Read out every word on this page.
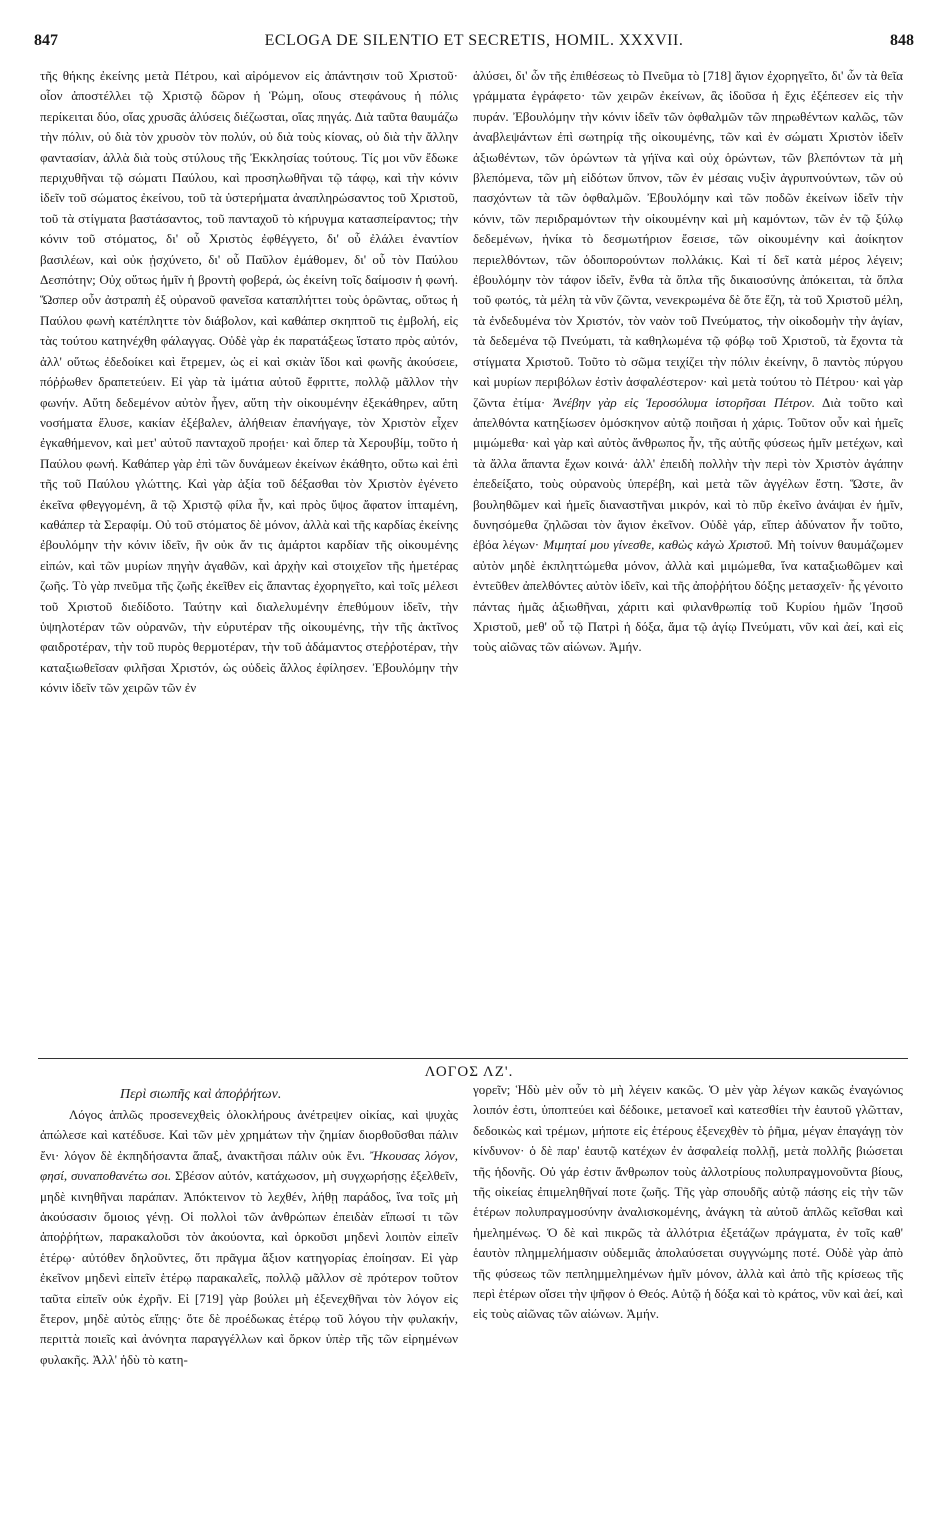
847	ECLOGA DE SILENTIO ET SECRETIS, HOMIL. XXXVII.	848

τῆς θήκης ἐκείνης μετὰ Πέτρου, καὶ αἰρόμενον εἰς ἀπάντησιν τοῦ Χριστοῦ· οἷον ἀποστέλλει τῷ Χριστῷ δῶρον ἡ Ῥώμη, οἵους στεφάνους ἡ πόλις περίκειται δύο, οἵας χρυσᾶς ἁλύσεις διέζωσται, οἵας πηγάς. Διὰ ταῦτα θαυμάζω τὴν πόλιν, οὐ διὰ τὸν χρυσὸν τὸν πολύν, οὐ διὰ τοὺς κίονας, οὐ διὰ τὴν ἄλλην φαντασίαν, ἀλλὰ διὰ τοὺς στύλους τῆς Ἐκκλησίας τούτους. Τίς μοι νῦν ἔδωκε περιχυθῆναι τῷ σώματι Παύλου, καὶ προσηλωθῆναι τῷ τάφῳ, καὶ τὴν κόνιν ἰδεῖν τοῦ σώματος ἐκείνου, τοῦ τὰ ὑστερήματα ἀναπληρώσαντος τοῦ Χριστοῦ, τοῦ τὰ στίγματα βαστάσαντος, τοῦ πανταχοῦ τὸ κήρυγμα κατασπείραντος; τὴν κόνιν τοῦ στόματος, δι' οὗ Χριστὸς ἐφθέγγετο, δι' οὗ ἐλάλει ἐναντίον βασιλέων, καὶ οὐκ ᾐσχύνετο, δι' οὗ Παῦλον ἐμάθομεν, δι' οὗ τὸν Παύλου Δεσπότην; Οὐχ οὕτως ἡμῖν ἡ βροντὴ φοβερά, ὡς ἐκείνη τοῖς δαίμοσιν ἡ φωνή. Ὥσπερ οὖν ἀστραπὴ ἐξ οὐρανοῦ φανεῖσα καταπλήττει τοὺς ὁρῶντας, οὕτως ἡ Παύλου φωνὴ κατέπληττε τὸν διάβολον, καὶ καθάπερ σκηπτοῦ τις ἐμβολή, εἰς τὰς τούτου κατηνέχθη φάλαγγας. Οὐδὲ γὰρ ἐκ παρατάξεως ἵστατο πρὸς αὐτόν, ἀλλ' οὕτως ἐδεδοίκει καὶ ἔτρεμεν, ὡς εἰ καὶ σκιὰν ἴδοι καὶ φωνῆς ἀκούσειε, πόῤῥωθεν δραπετεύειν. Εἰ γὰρ τὰ ἱμάτια αὐτοῦ ἔφριττε, πολλῷ μᾶλλον τὴν φωνήν. Αὕτη δεδεμένον αὐτὸν ἦγεν, αὕτη τὴν οἰκουμένην ἐξεκάθηρεν, αὕτη νοσήματα ἔλυσε, κακίαν ἐξέβαλεν, ἀλήθειαν ἐπανήγαγε, τὸν Χριστὸν εἶχεν ἐγκαθήμενον, καὶ μετ' αὐτοῦ πανταχοῦ προῄει· καὶ ὅπερ τὰ Χερουβίμ, τοῦτο ἡ Παύλου φωνή. Καθάπερ γὰρ ἐπὶ τῶν δυνάμεων ἐκείνων ἐκάθητο, οὕτω καὶ ἐπὶ τῆς τοῦ Παύλου γλώττης. Καὶ γὰρ ἀξία τοῦ δέξασθαι τὸν Χριστὸν ἐγένετο ἐκεῖνα φθεγγομένη, ἃ τῷ Χριστῷ φίλα ἦν, καὶ πρὸς ὕψος ἄφατον ἱπταμένη, καθάπερ τὰ Σεραφίμ. Οὐ τοῦ στόματος δὲ μόνον, ἀλλὰ καὶ τῆς καρδίας ἐκείνης ἐβουλόμην τὴν κόνιν ἰδεῖν, ἣν οὐκ ἄν τις ἁμάρτοι καρδίαν τῆς οἰκουμένης εἰπών, καὶ τῶν μυρίων πηγὴν ἀγαθῶν, καὶ ἀρχὴν καὶ στοιχεῖον τῆς ἡμετέρας ζωῆς. Τὸ γὰρ πνεῦμα τῆς ζωῆς ἐκεῖθεν εἰς ἅπαντας ἐχορηγεῖτο, καὶ τοῖς μέλεσι τοῦ Χριστοῦ διεδίδοτο. Ταύτην καὶ διαλελυμένην ἐπεθύμουν ἰδεῖν, τὴν ὑψηλοτέραν τῶν οὐρανῶν, τὴν εὐρυτέραν τῆς οἰκουμένης, τὴν τῆς ἀκτῖνος φαιδροτέραν, τὴν τοῦ πυρὸς θερμοτέραν, τὴν τοῦ ἀδάμαντος στεῤῥοτέραν, τὴν καταξιωθεῖσαν φιλῆσαι Χριστόν, ὡς οὐδεὶς ἄλλος ἐφίλησεν. Ἐβουλόμην τὴν κόνιν ἰδεῖν τῶν χειρῶν τῶν ἐν

ἁλύσει, δι' ὧν τῆς ἐπιθέσεως τὸ Πνεῦμα τὸ [718] ἅγιον ἐχορηγεῖτο, δι' ὧν τὰ θεῖα γράμματα ἐγράφετο· τῶν χειρῶν ἐκείνων, ἃς ἰδοῦσα ἡ ἔχις ἐξέπεσεν εἰς τὴν πυράν. Ἐβουλόμην τὴν κόνιν ἰδεῖν τῶν ὀφθαλμῶν τῶν πηρωθέντων καλῶς, τῶν ἀναβλεψάντων ἐπὶ σωτηρίᾳ τῆς οἰκουμένης, τῶν καὶ ἐν σώματι Χριστὸν ἰδεῖν ἀξιωθέντων, τῶν ὁρώντων τὰ γήϊνα καὶ οὐχ ὁρώντων, τῶν βλεπόντων τὰ μὴ βλεπόμενα, τῶν μὴ εἰδότων ὕπνον, τῶν ἐν μέσαις νυξὶν ἀγρυπνούντων, τῶν οὐ πασχόντων τὰ τῶν ὀφθαλμῶν. Ἐβουλόμην καὶ τῶν ποδῶν ἐκείνων ἰδεῖν τὴν κόνιν, τῶν περιδραμόντων τὴν οἰκουμένην καὶ μὴ καμόντων, τῶν ἐν τῷ ξύλῳ δεδεμένων, ἡνίκα τὸ δεσμωτήριον ἔσεισε, τῶν οἰκουμένην καὶ ἀοίκητον περιελθόντων, τῶν ὁδοιπορούντων πολλάκις. Καὶ τί δεῖ κατὰ μέρος λέγειν; ἐβουλόμην τὸν τάφον ἰδεῖν, ἔνθα τὰ ὅπλα τῆς δικαιοσύνης ἀπόκειται, τὰ ὅπλα τοῦ φωτός, τὰ μέλη τὰ νῦν ζῶντα, νενεκρωμένα δὲ ὅτε ἔζη, τὰ τοῦ Χριστοῦ μέλη, τὰ ἐνδεδυμένα τὸν Χριστόν, τὸν ναὸν τοῦ Πνεύματος, τὴν οἰκοδομὴν τὴν ἁγίαν, τὰ δεδεμένα τῷ Πνεύματι, τὰ καθηλωμένα τῷ φόβῳ τοῦ Χριστοῦ, τὰ ἔχοντα τὰ στίγματα Χριστοῦ. Τοῦτο τὸ σῶμα τειχίζει τὴν πόλιν ἐκείνην, ὃ παντὸς πύργου καὶ μυρίων περιβόλων ἐστὶν ἀσφαλέστερον· καὶ μετὰ τούτου τὸ Πέτρου· καὶ γὰρ ζῶντα ἐτίμα· Ἀνέβην γὰρ εἰς Ἱεροσόλυμα ἱστορῆσαι Πέτρον. Διὰ τοῦτο καὶ ἀπελθόντα κατηξίωσεν ὁμόσκηνον αὐτῷ ποιῆσαι ἡ χάρις. Τοῦτον οὖν καὶ ἡμεῖς μιμώμεθα· καὶ γὰρ καὶ αὐτὸς ἄνθρωπος ἦν, τῆς αὐτῆς φύσεως ἡμῖν μετέχων, καὶ τὰ ἄλλα ἅπαντα ἔχων κοινά· ἀλλ' ἐπειδὴ πολλὴν τὴν περὶ τὸν Χριστὸν ἀγάπην ἐπεδείξατο, τοὺς οὐρανοὺς ὑπερέβη, καὶ μετὰ τῶν ἀγγέλων ἔστη. Ὥστε, ἂν βουληθῶμεν καὶ ἡμεῖς διαναστῆναι μικρόν, καὶ τὸ πῦρ ἐκεῖνο ἀνάψαι ἐν ἡμῖν, δυνησόμεθα ζηλῶσαι τὸν ἅγιον ἐκεῖνον. Οὐδὲ γάρ, εἴπερ ἀδύνατον ἦν τοῦτο, ἐβόα λέγων· Μιμηταί μου γίνεσθε, καθὼς κἀγὼ Χριστοῦ. Μὴ τοίνυν θαυμάζωμεν αὐτὸν μηδὲ ἐκπληττώμεθα μόνον, ἀλλὰ καὶ μιμώμεθα, ἵνα καταξιωθῶμεν καὶ ἐντεῦθεν ἀπελθόντες αὐτὸν ἰδεῖν, καὶ τῆς ἀποῤῥήτου δόξης μετασχεῖν· ἧς γένοιτο πάντας ἡμᾶς ἀξιωθῆναι, χάριτι καὶ φιλανθρωπίᾳ τοῦ Κυρίου ἡμῶν Ἰησοῦ Χριστοῦ, μεθ' οὗ τῷ Πατρὶ ἡ δόξα, ἅμα τῷ ἁγίῳ Πνεύματι, νῦν καὶ ἀεί, καὶ εἰς τοὺς αἰῶνας τῶν αἰώνων. Ἀμήν.

ΛΟΓΟΣ ΛΖ'.
Περὶ σιωπῆς καὶ ἀποῤῥήτων.

Λόγος ἁπλῶς προσενεχθεὶς ὁλοκλήρους ἀνέτρεψεν οἰκίας, καὶ ψυχὰς ἀπώλεσε καὶ κατέδυσε. Καὶ τῶν μὲν χρημάτων τὴν ζημίαν διορθοῦσθαι πάλιν ἔνι· λόγον δὲ ἐκπηδήσαντα ἅπαξ, ἀνακτῆσαι πάλιν οὐκ ἔνι. Ἤκουσας λόγον, φησί, συναποθανέτω σοι. Σβέσον αὐτόν, κατάχωσον, μὴ συγχωρήσῃς ἐξελθεῖν, μηδὲ κινηθῆναι παράπαν. Ἀπόκτεινον τὸ λεχθέν, λήθῃ παράδος, ἵνα τοῖς μὴ ἀκούσασιν ὅμοιος γένῃ. Οἱ πολλοὶ τῶν ἀνθρώπων ἐπειδὰν εἴπωσί τι τῶν ἀποῤῥήτων, παρακαλοῦσι τὸν ἀκούοντα, καὶ ὁρκοῦσι μηδενὶ λοιπὸν εἰπεῖν ἑτέρῳ· αὐτόθεν δηλοῦντες, ὅτι πρᾶγμα ἄξιον κατηγορίας ἐποίησαν. Εἰ γὰρ ἐκεῖνον μηδενὶ εἰπεῖν ἑτέρῳ παρακαλεῖς, πολλῷ μᾶλλον σὲ πρότερον τοῦτον ταῦτα εἰπεῖν οὐκ ἐχρῆν. Εἰ [719] γὰρ βούλει μὴ ἐξενεχθῆναι τὸν λόγον εἰς ἕτερον, μηδὲ αὐτὸς εἴπῃς· ὅτε δὲ προέδωκας ἑτέρῳ τοῦ λόγου τὴν φυλακήν, περιττὰ ποιεῖς καὶ ἀνόνητα παραγγέλλων καὶ ὅρκον ὑπὲρ τῆς τῶν εἰρημένων φυλακῆς. Ἀλλ' ἡδὺ τὸ κατη-

γορεῖν; Ἡδὺ μὲν οὖν τὸ μὴ λέγειν κακῶς. Ὁ μὲν γὰρ λέγων κακῶς ἐναγώνιος λοιπόν ἐστι, ὑποπτεύει καὶ δέδοικε, μετανοεῖ καὶ κατεσθίει τὴν ἑαυτοῦ γλῶτταν, δεδοικὼς καὶ τρέμων, μήποτε εἰς ἑτέρους ἐξενεχθὲν τὸ ῥῆμα, μέγαν ἐπαγάγῃ τὸν κίνδυνον· ὁ δὲ παρ' ἑαυτῷ κατέχων ἐν ἀσφαλείᾳ πολλῇ, μετὰ πολλῆς βιώσεται τῆς ἡδονῆς. Οὐ γάρ ἐστιν ἄνθρωπον τοὺς ἀλλοτρίους πολυπραγμονοῦντα βίους, τῆς οἰκείας ἐπιμεληθῆναί ποτε ζωῆς. Τῆς γὰρ σπουδῆς αὐτῷ πάσης εἰς τὴν τῶν ἑτέρων πολυπραγμοσύνην ἀναλισκομένης, ἀνάγκη τὰ αὐτοῦ ἁπλῶς κεῖσθαι καὶ ἠμελημένως. Ὁ δὲ καὶ πικρῶς τὰ ἀλλότρια ἐξετάζων πράγματα, ἐν τοῖς καθ' ἑαυτὸν πλημμελήμασιν οὐδεμιᾶς ἀπολαύσεται συγγνώμης ποτέ. Οὐδὲ γὰρ ἀπὸ τῆς φύσεως τῶν πεπλημμελημένων ἡμῖν μόνον, ἀλλὰ καὶ ἀπὸ τῆς κρίσεως τῆς περὶ ἑτέρων οἴσει τὴν ψῆφον ὁ Θεός. Αὐτῷ ἡ δόξα καὶ τὸ κράτος, νῦν καὶ ἀεί, καὶ εἰς τοὺς αἰῶνας τῶν αἰώνων. Ἀμήν.
